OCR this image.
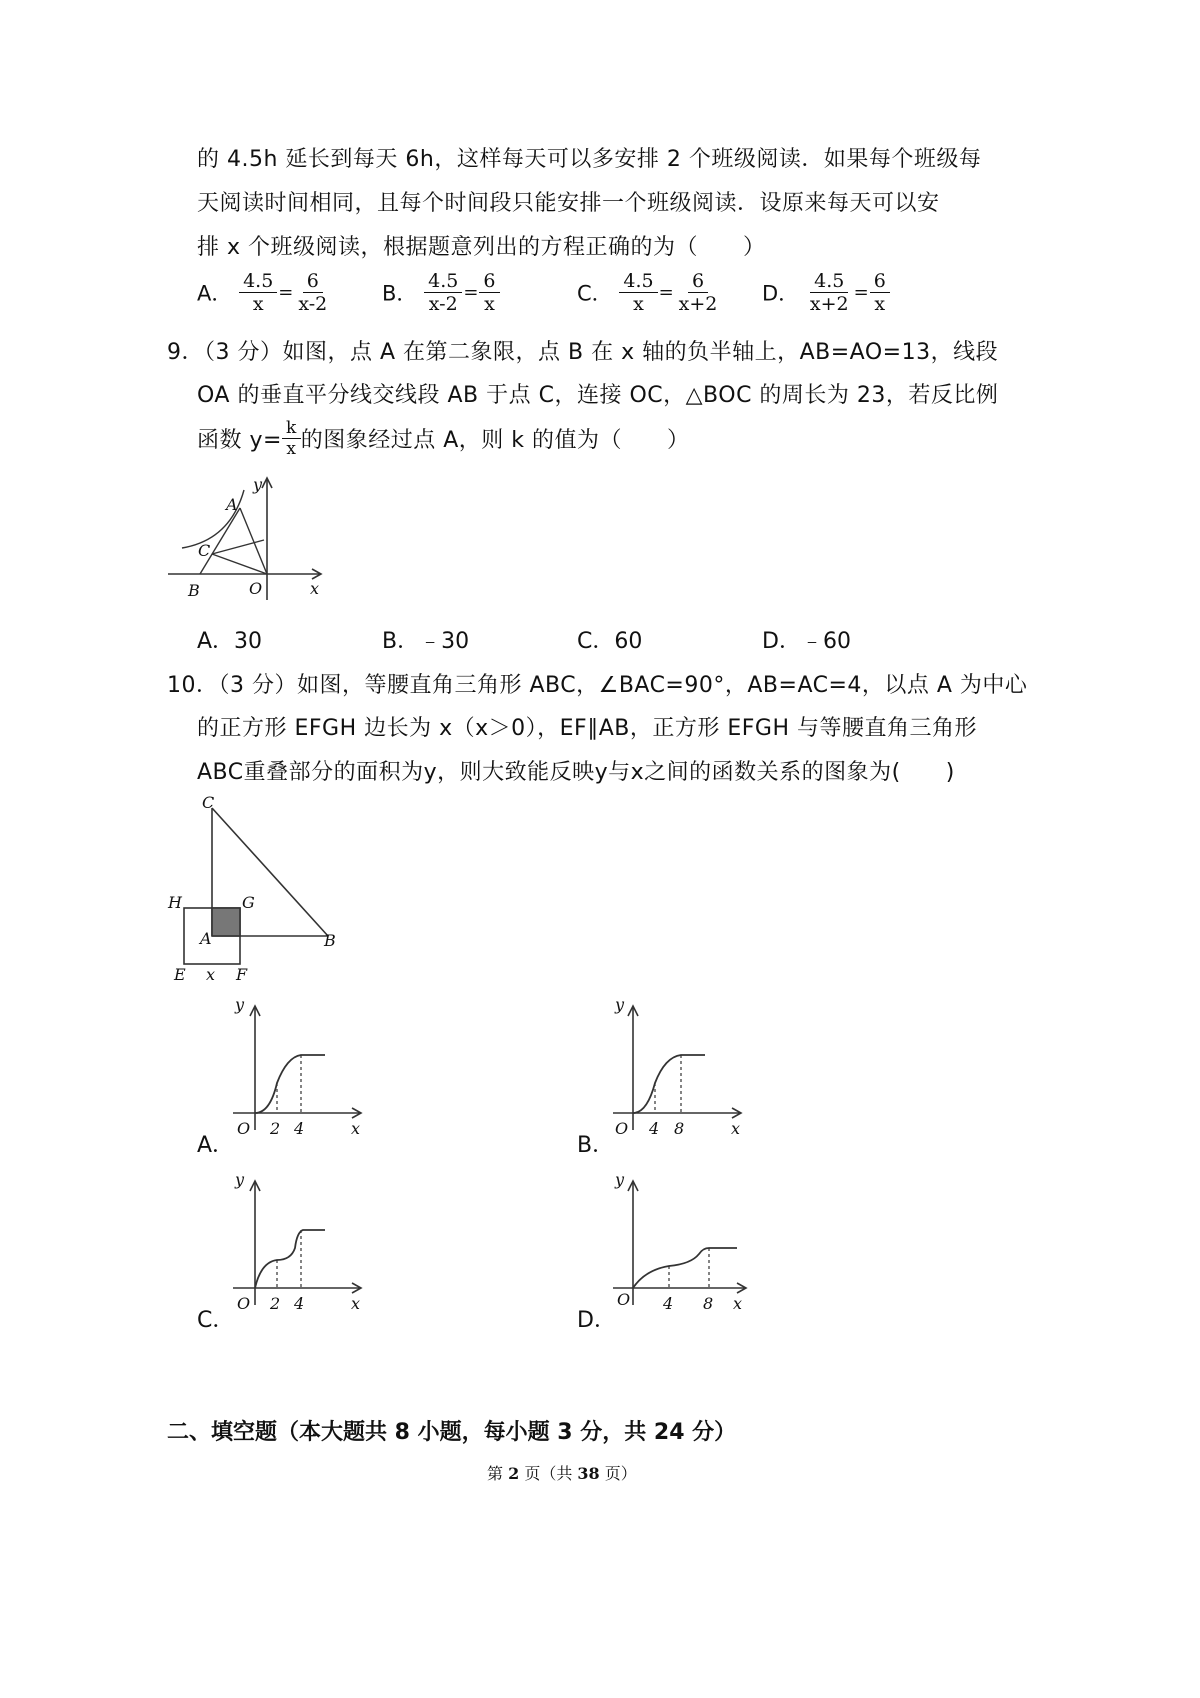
的 4.5h 延长到每天 6h，这样每天可以多安排 2 个班级阅读．如果每个班级每
天阅读时间相同，且每个时间段只能安排一个班级阅读．设原来每天可以安
排 x 个班级阅读，根据题意列出的方程正确的为（　　）
A． $\frac{4.5}{x} = \frac{6}{x-2}$ B． $\frac{4.5}{x-2} = \frac{6}{x}$	C． $\frac{4.5}{x} = \frac{6}{x+2}$ D． $\frac{4.5}{x+2} = \frac{6}{x}$
9．（3 分）如图，点 A 在第二象限，点 B 在 x 轴的负半轴上，AB=AO=13，线段
OA 的垂直平分线交线段 AB 于点 C，连接 OC，△BOC 的周长为 23，若反比例
函数 $y= \frac{k}{x}$ 的图象经过点 A，则 k 的值为（　　）
A
C
B	O	x
y
A．30	B．﹣30	C．60	D．﹣60
10．（3 分）如图，等腰直角三角形 ABC，∠BAC=90°，AB=AC=4，以点 A 为中心
的正方形 EFGH 边长为 x（x＞0），EF∥AB，正方形 EFGH 与等腰直角三角形
ABC重叠部分的面积为y，则大致能反映y与x之间的函数关系的图象为(　　)
C
H	G
A	B
E x F
A．
y
O 2 4	x
B．
y
O 4 8	x
C．
y
O 2 4	x
D．
y
O 4 8 x
二、填空题（本大题共 8 小题，每小题 3 分，共 24 分）
第 2 页（共 38 页）
